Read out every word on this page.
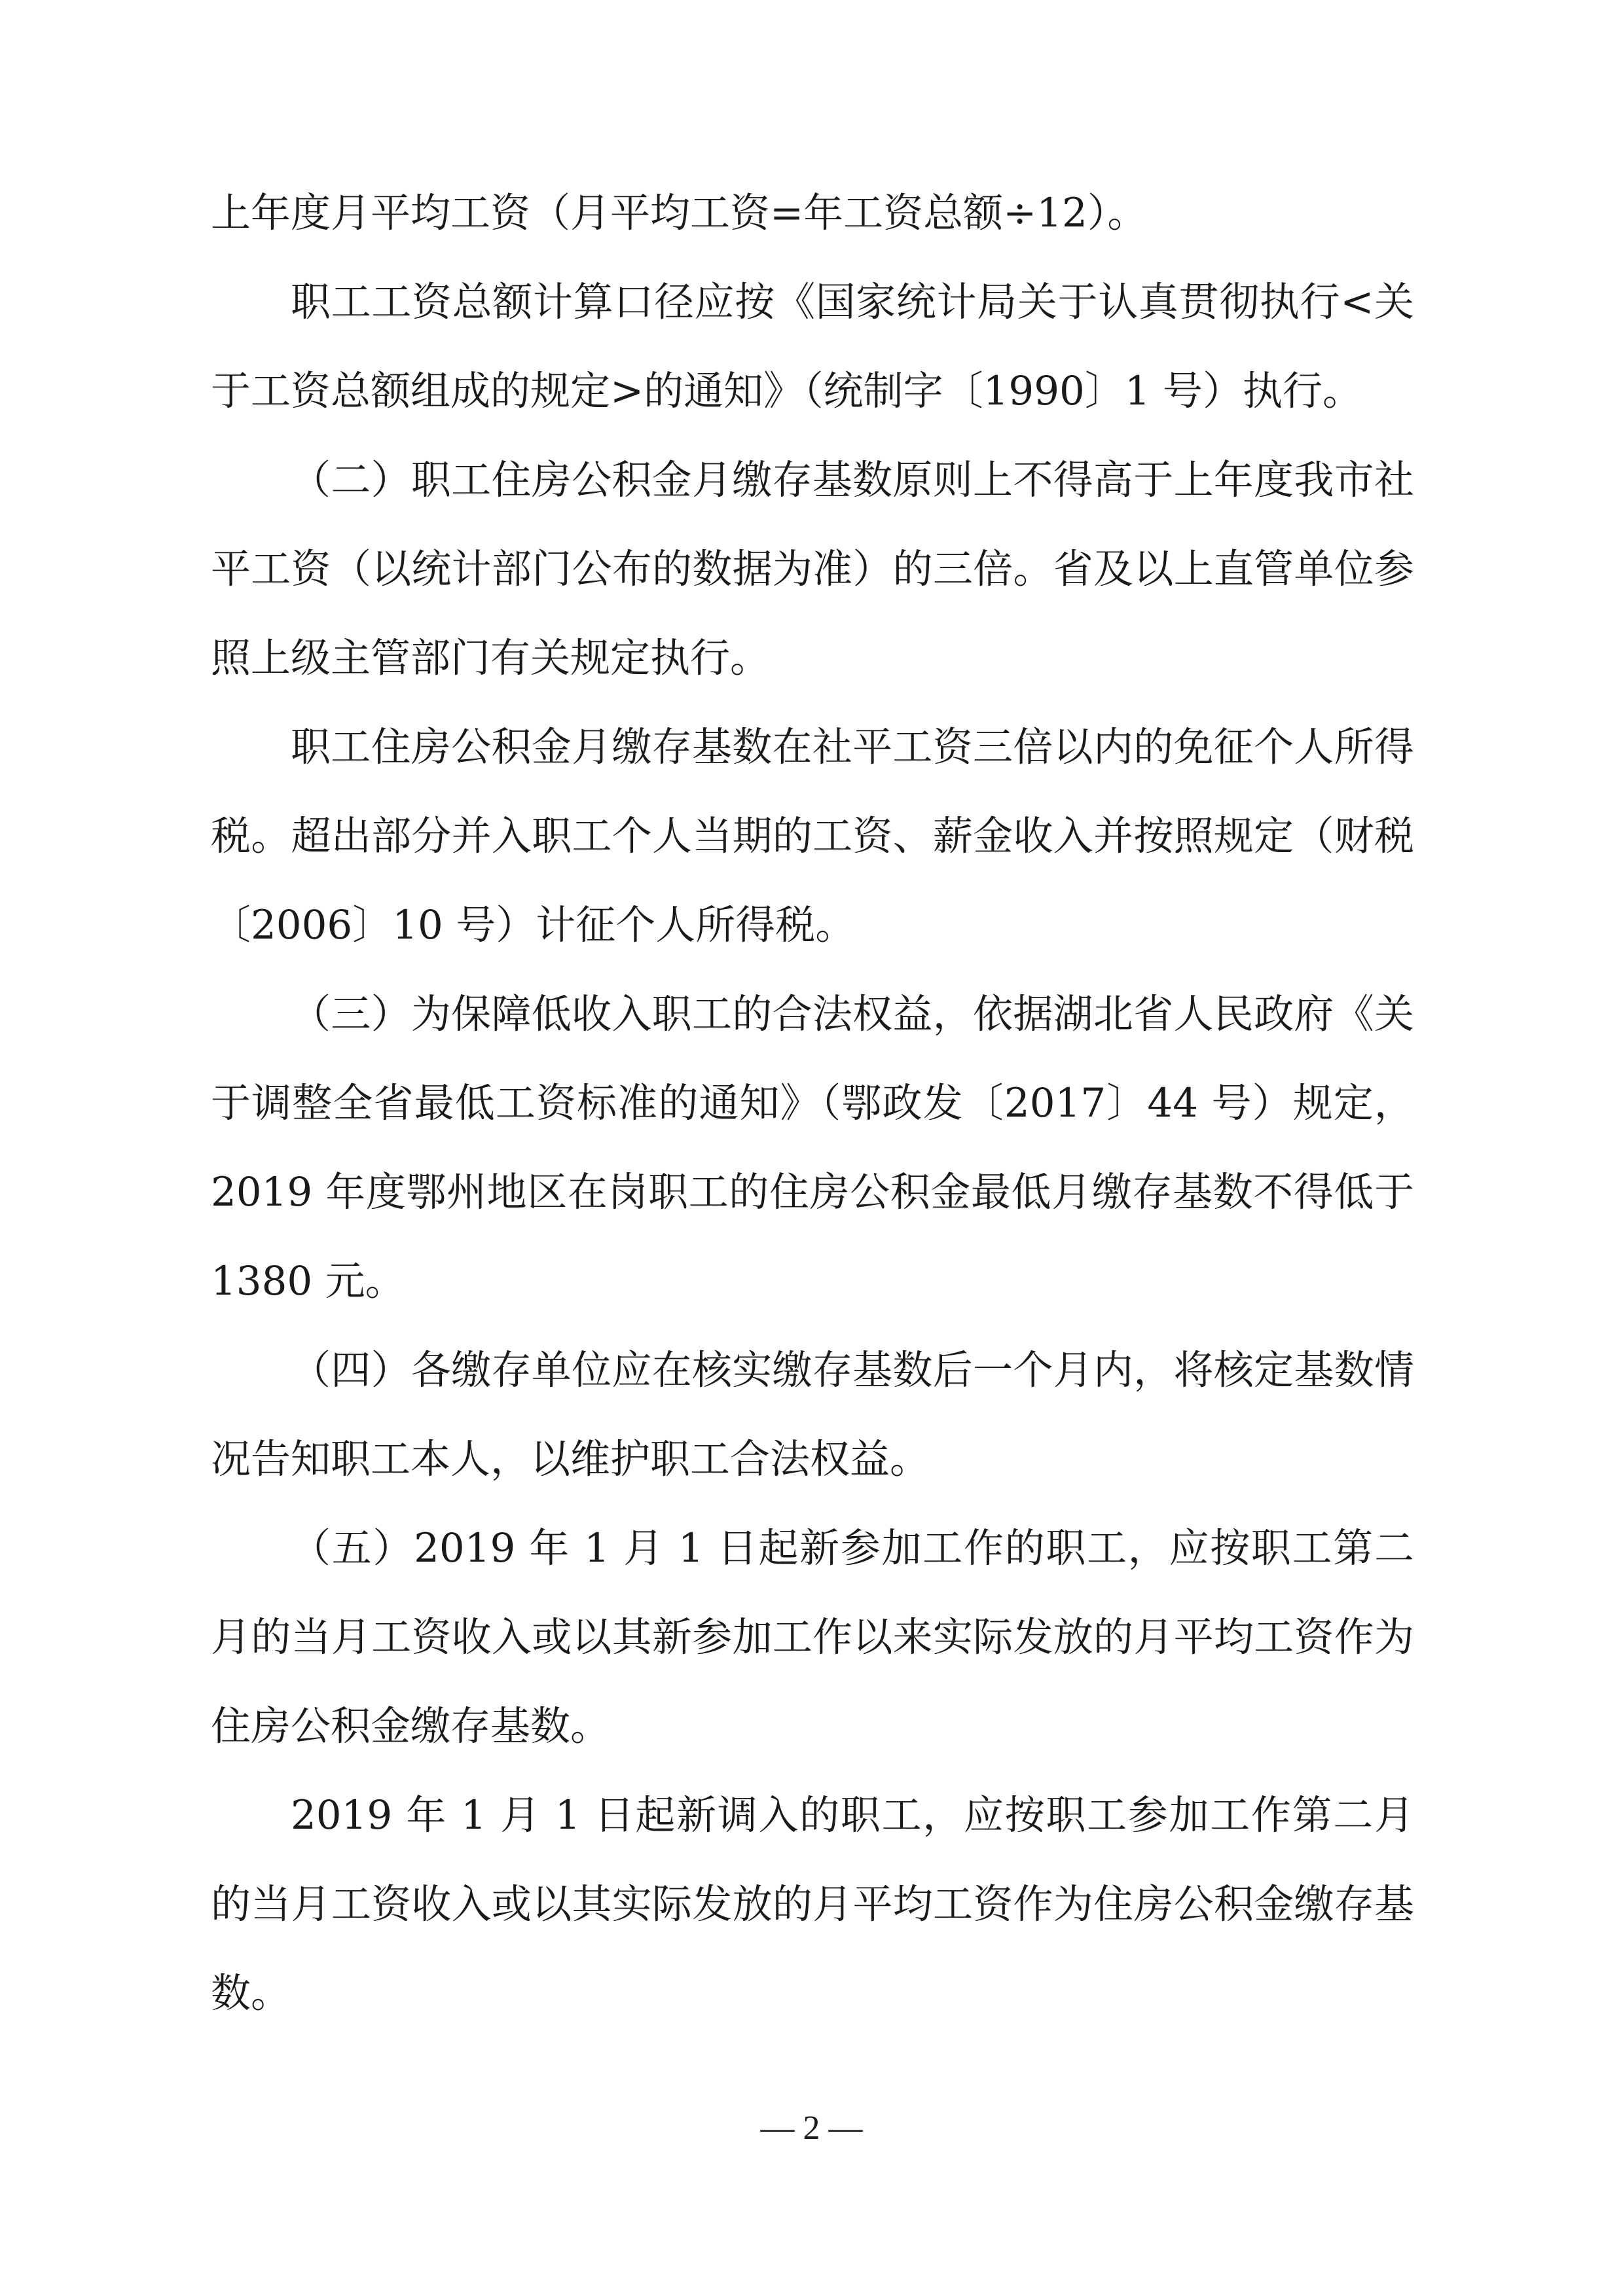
上年度月平均工资（月平均工资=年工资总额÷12）。

职工工资总额计算口径应按《国家统计局关于认真贯彻执行<关于工资总额组成的规定>的通知》（统制字〔1990〕1 号）执行。

（二）职工住房公积金月缴存基数原则上不得高于上年度我市社平工资（以统计部门公布的数据为准）的三倍。省及以上直管单位参照上级主管部门有关规定执行。

职工住房公积金月缴存基数在社平工资三倍以内的免征个人所得税。超出部分并入职工个人当期的工资、薪金收入并按照规定（财税〔2006〕10 号）计征个人所得税。

（三）为保障低收入职工的合法权益，依据湖北省人民政府《关于调整全省最低工资标准的通知》（鄂政发〔2017〕44 号）规定，2019 年度鄂州地区在岗职工的住房公积金最低月缴存基数不得低于 1380 元。

（四）各缴存单位应在核实缴存基数后一个月内，将核定基数情况告知职工本人，以维护职工合法权益。

（五）2019 年 1 月 1 日起新参加工作的职工，应按职工第二月的当月工资收入或以其新参加工作以来实际发放的月平均工资作为住房公积金缴存基数。

2019 年 1 月 1 日起新调入的职工，应按职工参加工作第二月的当月工资收入或以其实际发放的月平均工资作为住房公积金缴存基数。

— 2 —
